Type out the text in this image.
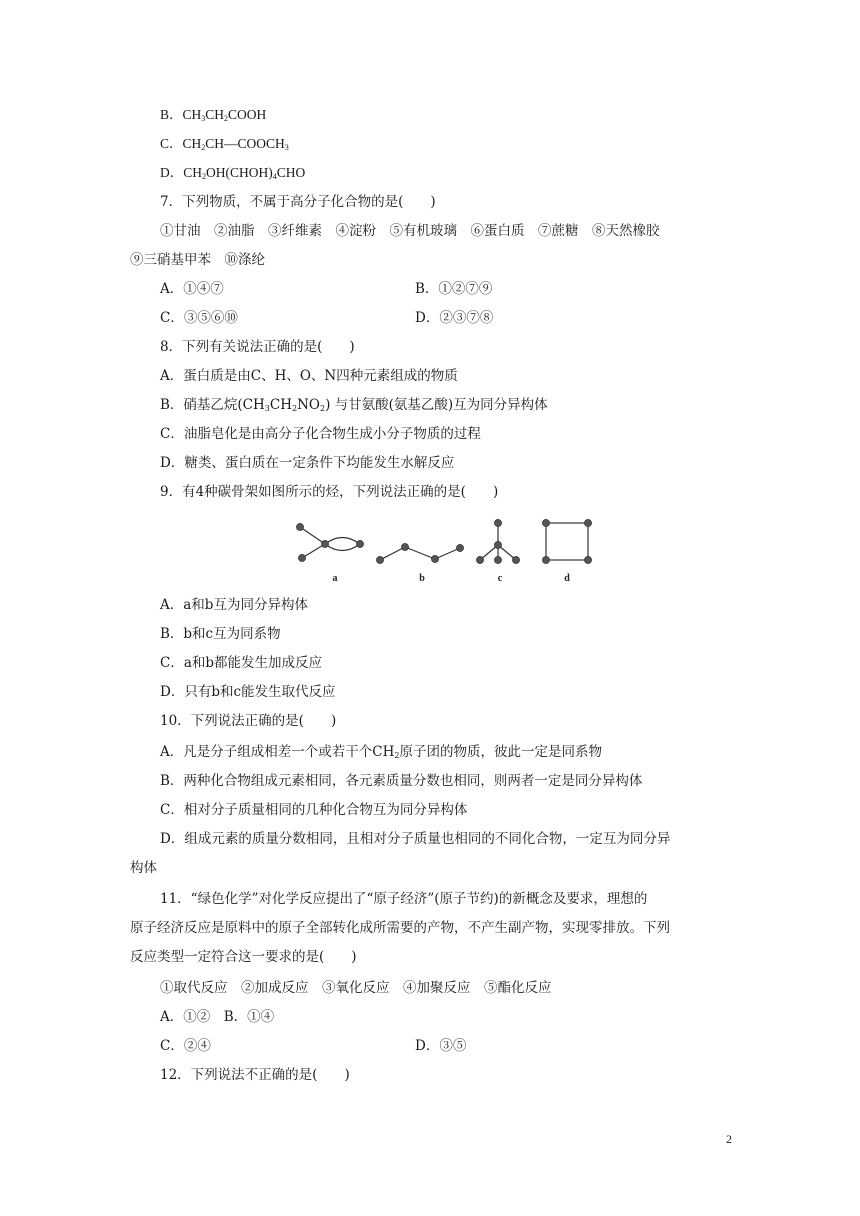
B．$CH_3CH_2COOH$
C．$CH_2CH—COOCH_3$
D．$CH_2OH(CHOH)_4CHO$
7．下列物质，不属于高分子化合物的是(　　)
①甘油　②油脂　③纤维素　④淀粉　⑤有机玻璃　⑥蛋白质　⑦蔗糖　⑧天然橡胶
⑨三硝基甲苯　⑩涤纶
A．①④⑦	B．①②⑦⑨
C．③⑤⑥⑩	D．②③⑦⑧
8．下列有关说法正确的是(　　)
A．蛋白质是由C、H、O、N四种元素组成的物质
B．硝基乙烷$(CH_3CH_2NO_2)$ 与甘氨酸(氨基乙酸)互为同分异构体
C．油脂皂化是由高分子化合物生成小分子物质的过程
D．糖类、蛋白质在一定条件下均能发生水解反应
9．有4种碳骨架如图所示的烃，下列说法正确的是(　　)
a	b	c	d
A．a和b互为同分异构体
B．b和c互为同系物
C．a和b都能发生加成反应
D．只有b和c能发生取代反应
10．下列说法正确的是(　　)
A．凡是分子组成相差一个或若干个$CH_2$原子团的物质，彼此一定是同系物
B．两种化合物组成元素相同，各元素质量分数也相同，则两者一定是同分异构体
C．相对分子质量相同的几种化合物互为同分异构体
D．组成元素的质量分数相同，且相对分子质量也相同的不同化合物，一定互为同分异
构体
11．“绿色化学”对化学反应提出了“原子经济”(原子节约)的新概念及要求，理想的
原子经济反应是原料中的原子全部转化成所需要的产物，不产生副产物，实现零排放。下列
反应类型一定符合这一要求的是(　　)
①取代反应　②加成反应　③氧化反应　④加聚反应　⑤酯化反应
A．①②　B．①④
C．②④	D．③⑤
12．下列说法不正确的是(　　)
2
